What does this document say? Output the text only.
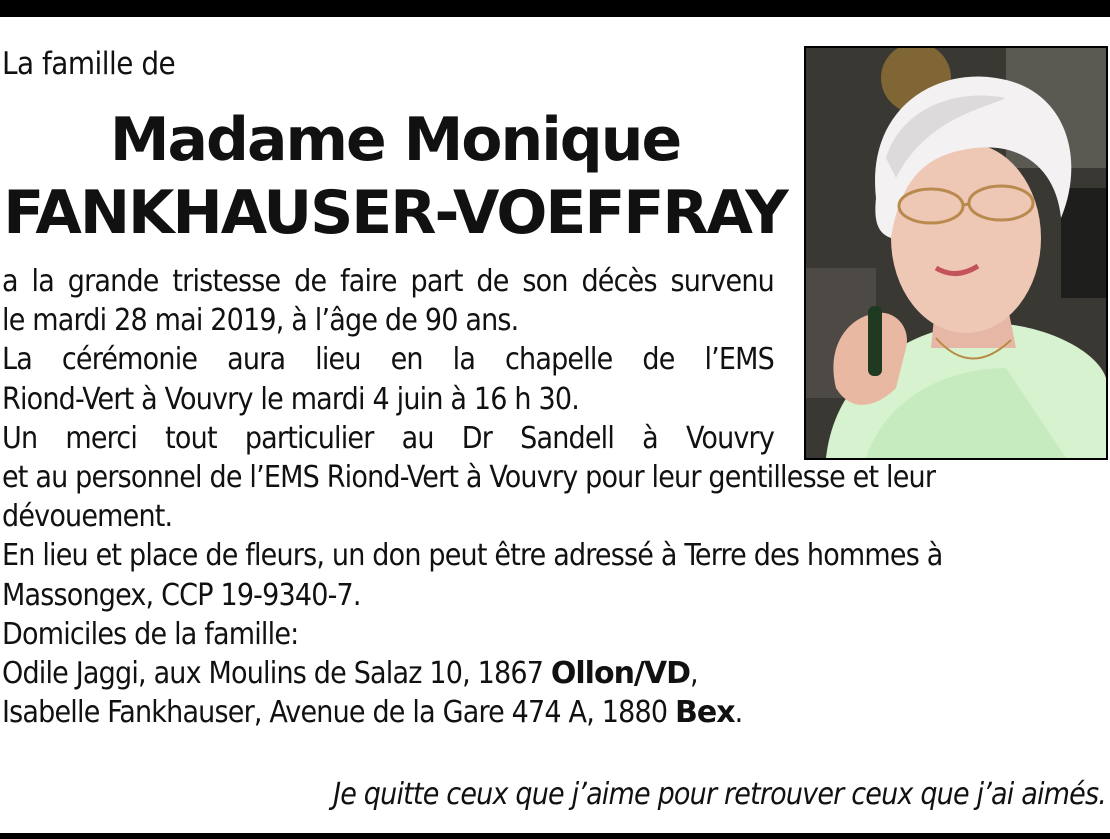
La famille de
Madame Monique
FANKHAUSER-VOEFFRAY
a la grande tristesse de faire part de son décès survenu
le mardi 28 mai 2019, à l’âge de 90 ans.
La cérémonie aura lieu en la chapelle de l’EMS
Riond-Vert à Vouvry le mardi 4 juin à 16 h 30.
Un merci tout particulier au Dr Sandell à Vouvry
et au personnel de l’EMS Riond-Vert à Vouvry pour leur gentillesse et leur
dévouement.
En lieu et place de fleurs, un don peut être adressé à Terre des hommes à
Massongex, CCP 19-9340-7.
Domiciles de la famille:
Odile Jaggi, aux Moulins de Salaz 10, 1867 Ollon/VD,
Isabelle Fankhauser, Avenue de la Gare 474 A, 1880 Bex.
Je quitte ceux que j’aime pour retrouver ceux que j’ai aimés.
